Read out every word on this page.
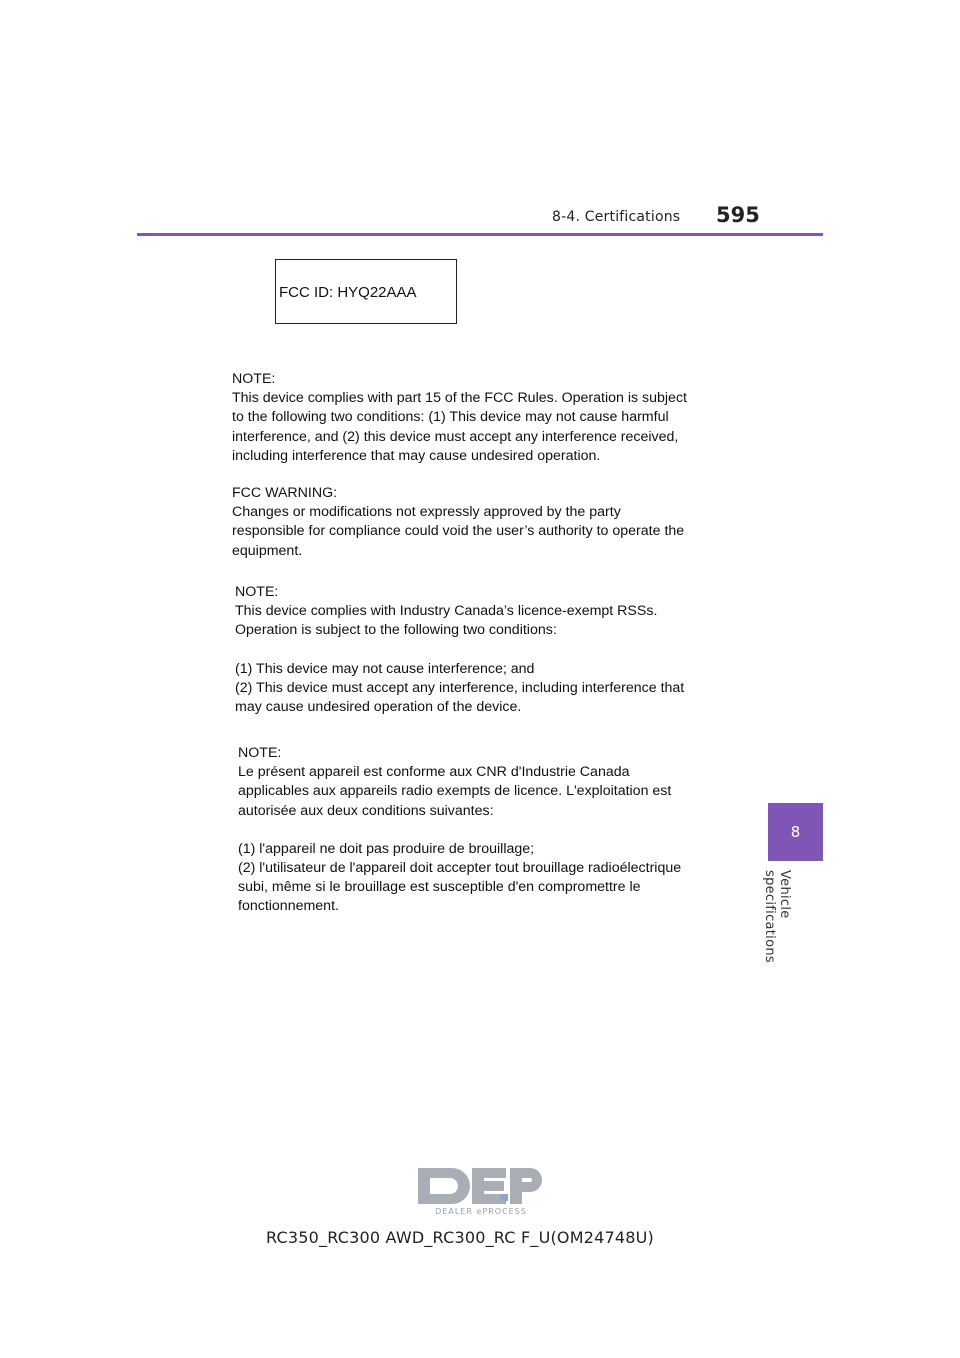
8-4. Certifications 595
8
Vehicle specifications
FCC ID: HYQ22AAA

NOTE:

This device complies with part 15 of the FCC Rules. Operation is subject

to the following two conditions: (1) This device may not cause harmful

interference, and (2) this device must accept any interference received,

including interference that may cause undesired operation.

FCC WARNING:

Changes or modifications not expressly approved by the party

responsible for compliance could void the user’s authority to operate the

equipment.

NOTE:

This device complies with Industry Canada’s licence-exempt RSSs.

Operation is subject to the following two conditions:

(1) This device may not cause interference; and

(2) This device must accept any interference, including interference that

may cause undesired operation of the device.

NOTE:

Le présent appareil est conforme aux CNR d'Industrie Canada

applicables aux appareils radio exempts de licence. L'exploitation est

autorisée aux deux conditions suivantes:

(1) l'appareil ne doit pas produire de brouillage;

(2) l'utilisateur de l'appareil doit accepter tout brouillage radioélectrique

subi, même si le brouillage est susceptible d'en compromettre le

fonctionnement.

DEALER ePROCESS
RC350_RC300 AWD_RC300_RC F_U(OM24748U)
